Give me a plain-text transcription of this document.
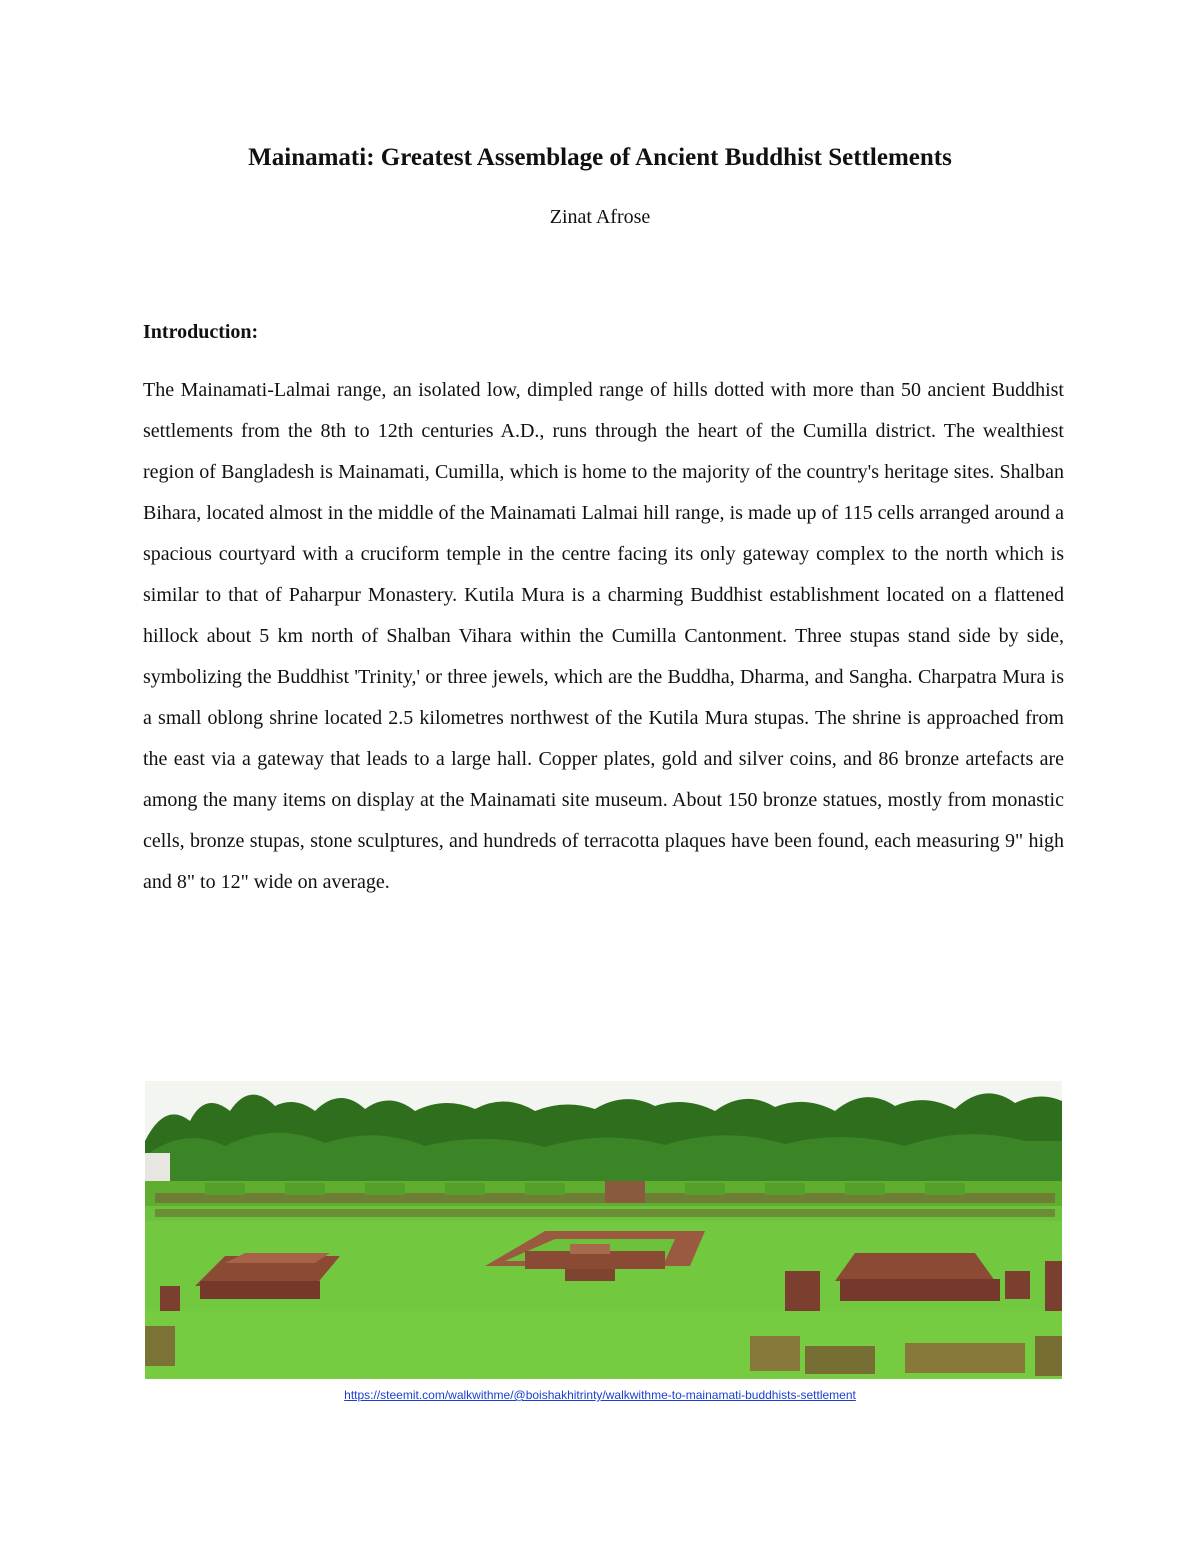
Mainamati: Greatest Assemblage of Ancient Buddhist Settlements
Zinat Afrose
Introduction:

The Mainamati-Lalmai range, an isolated low, dimpled range of hills dotted with more than 50 ancient Buddhist settlements from the 8th to 12th centuries A.D., runs through the heart of the Cumilla district. The wealthiest region of Bangladesh is Mainamati, Cumilla, which is home to the majority of the country's heritage sites. Shalban Bihara, located almost in the middle of the Mainamati Lalmai hill range, is made up of 115 cells arranged around a spacious courtyard with a cruciform temple in the centre facing its only gateway complex to the north which is similar to that of Paharpur Monastery. Kutila Mura is a charming Buddhist establishment located on a flattened hillock about 5 km north of Shalban Vihara within the Cumilla Cantonment. Three stupas stand side by side, symbolizing the Buddhist 'Trinity,' or three jewels, which are the Buddha, Dharma, and Sangha. Charpatra Mura is a small oblong shrine located 2.5 kilometres northwest of the Kutila Mura stupas. The shrine is approached from the east via a gateway that leads to a large hall. Copper plates, gold and silver coins, and 86 bronze artefacts are among the many items on display at the Mainamati site museum. About 150 bronze statues, mostly from monastic cells, bronze stupas, stone sculptures, and hundreds of terracotta plaques have been found, each measuring 9" high and 8" to 12" wide on average.

https://steemit.com/walkwithme/@boishakhitrinty/walkwithme-to-mainamati-buddhists-settlement
